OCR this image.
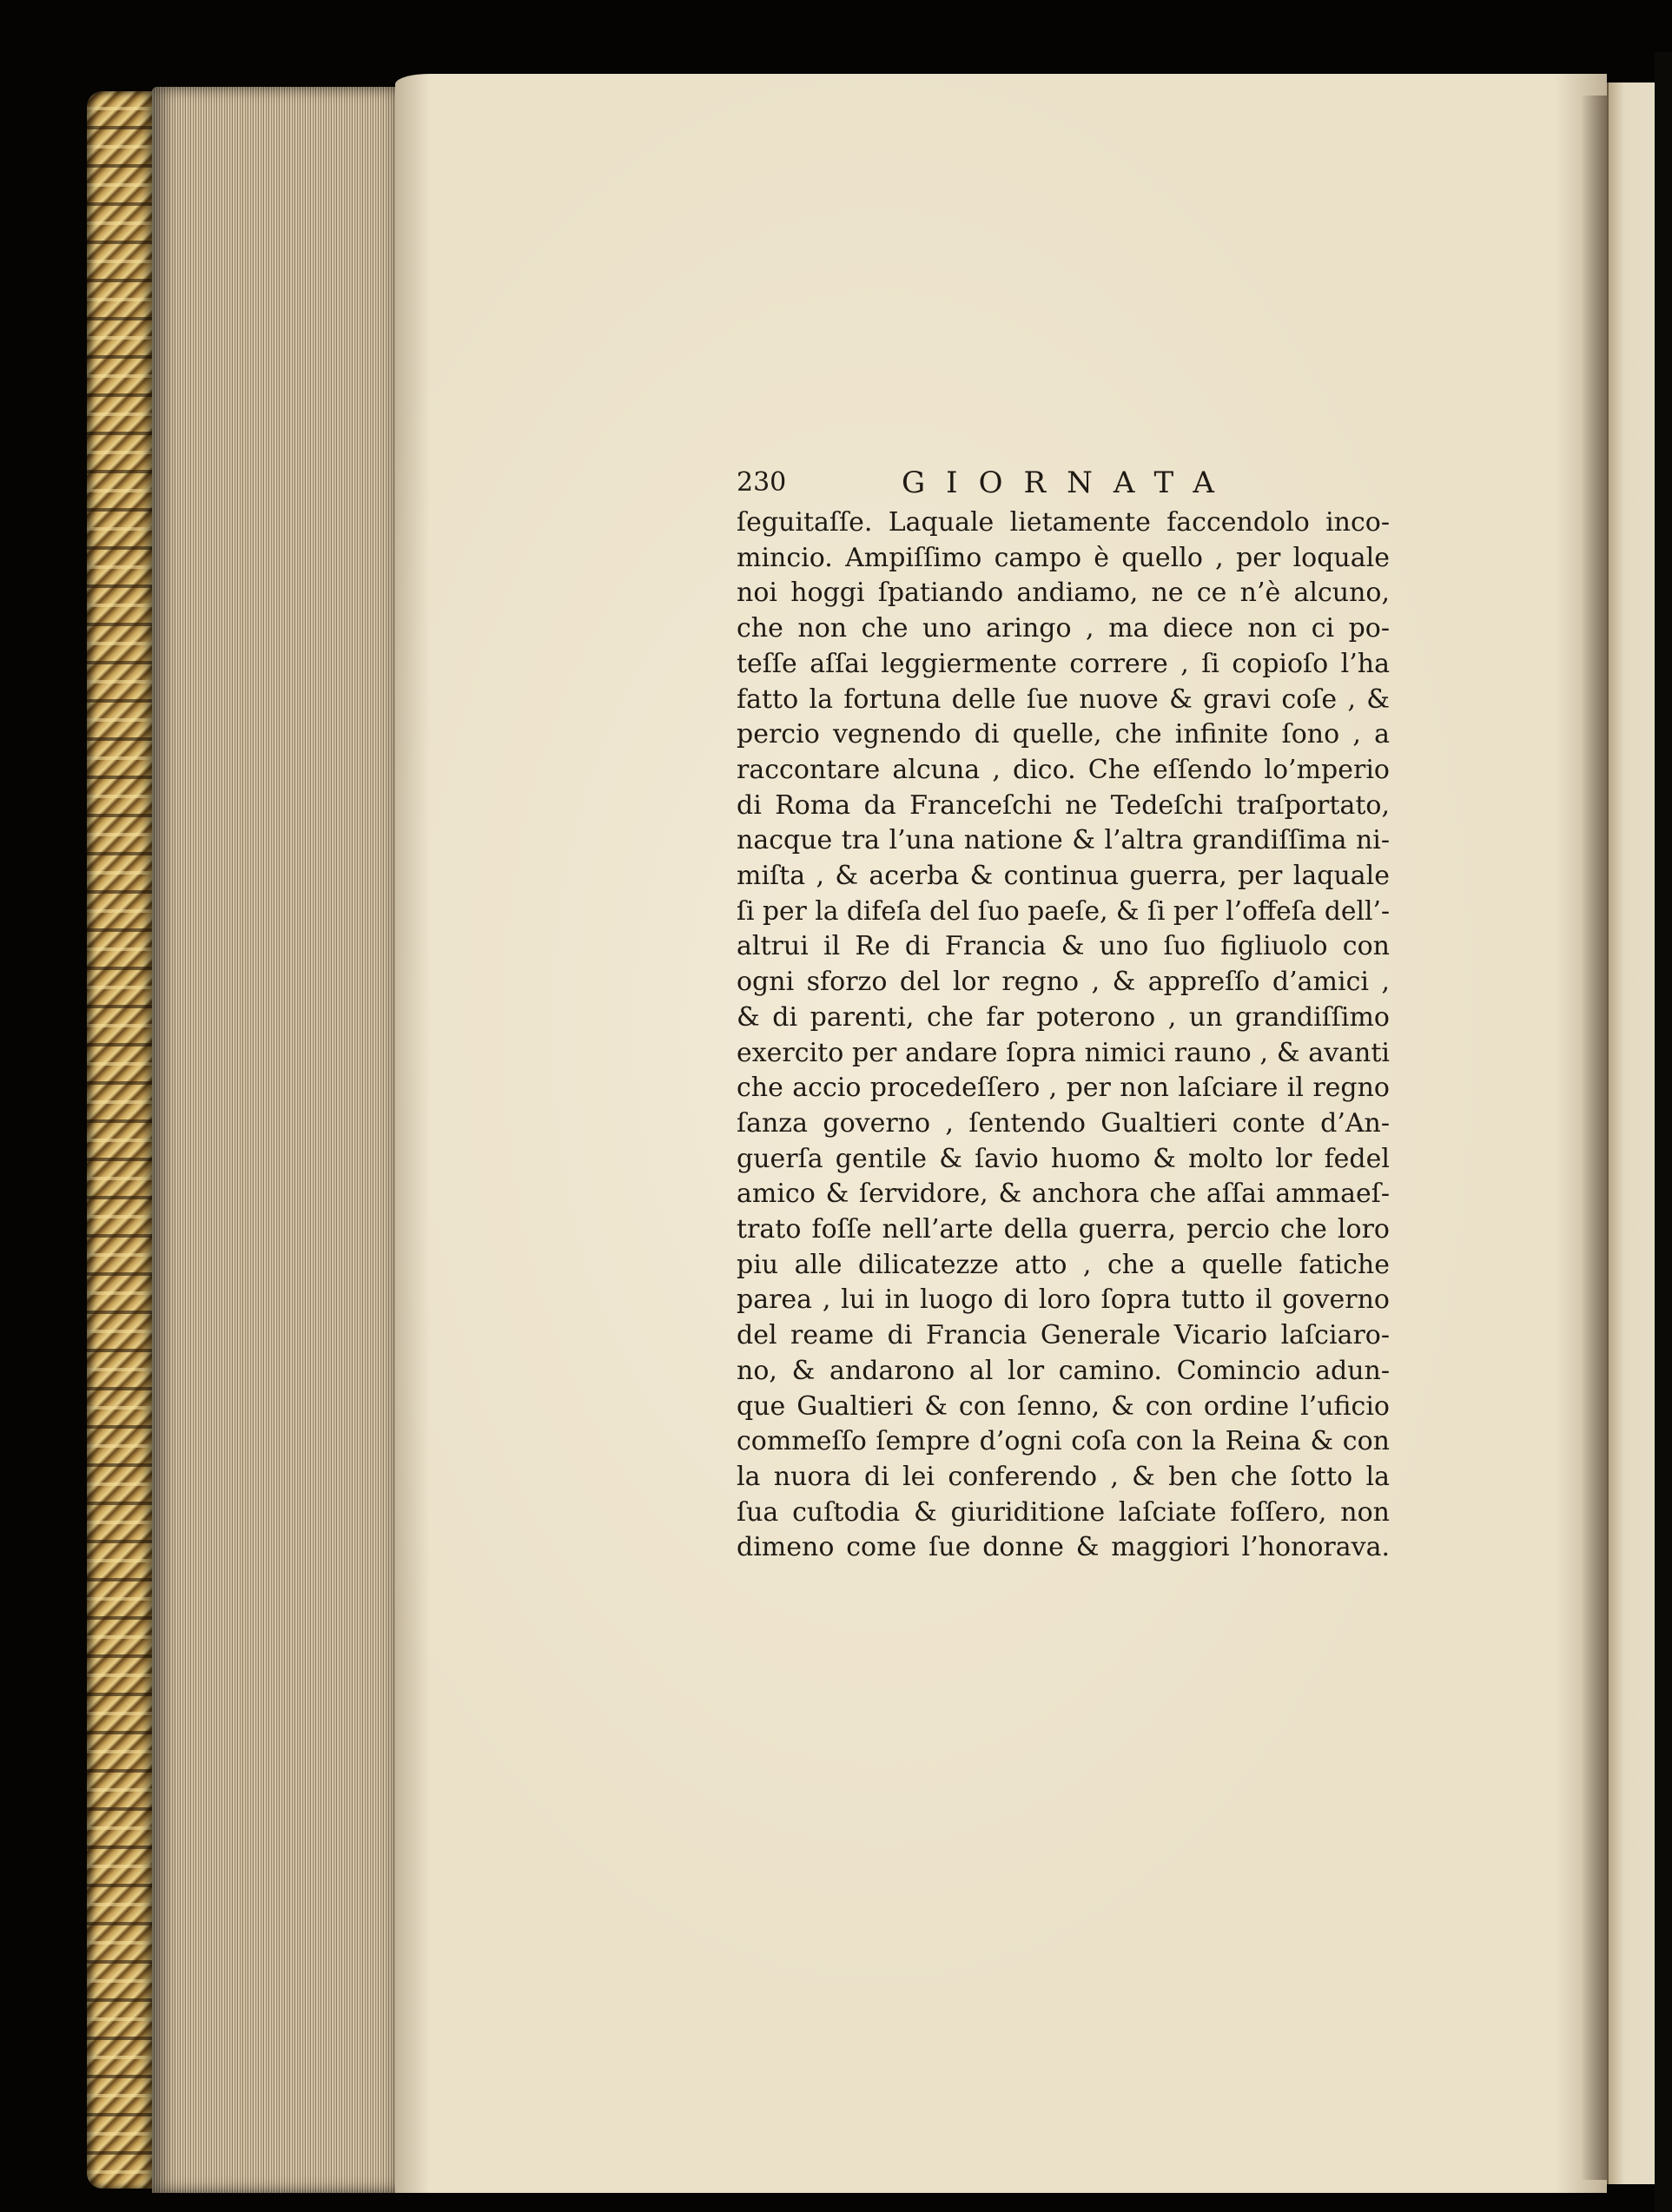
230	GIORNATA
ſeguitaſſe. Laquale lietamente faccendolo inco-
mincio. Ampiſſimo campo è quello , per loquale
noi hoggi ſpatiando andiamo, ne ce n’è alcuno,
che non che uno aringo , ma diece non ci po-
teſſe aſſai leggiermente correre , ſi copioſo l’ha
fatto la fortuna delle ſue nuove & gravi coſe , &
percio vegnendo di quelle, che infinite ſono , a
raccontare alcuna , dico. Che eſſendo lo’mperio
di Roma da Franceſchi ne Tedeſchi traſportato,
nacque tra l’una natione & l’altra grandiſſima ni-
miſta , & acerba & continua guerra, per laquale
ſi per la difeſa del ſuo paeſe, & ſi per l’offeſa dell’-
altrui il Re di Francia & uno ſuo figliuolo con
ogni sforzo del lor regno , & appreſſo d’amici ,
& di parenti, che far poterono , un grandiſſimo
exercito per andare ſopra nimici rauno , & avanti
che accio procedeſſero , per non laſciare il regno
ſanza governo , ſentendo Gualtieri conte d’An-
guerſa gentile & ſavio huomo & molto lor fedel
amico & ſervidore, & anchora che aſſai ammaeſ-
trato foſſe nell’arte della guerra, percio che loro
piu alle dilicatezze atto , che a quelle fatiche
parea , lui in luogo di loro ſopra tutto il governo
del reame di Francia Generale Vicario laſciaro-
no, & andarono al lor camino. Comincio adun-
que Gualtieri & con ſenno, & con ordine l’uficio
commeſſo ſempre d’ogni coſa con la Reina & con
la nuora di lei conferendo , & ben che ſotto la
ſua cuſtodia & giuriditione laſciate foſſero, non
dimeno come ſue donne & maggiori l’honorava.
